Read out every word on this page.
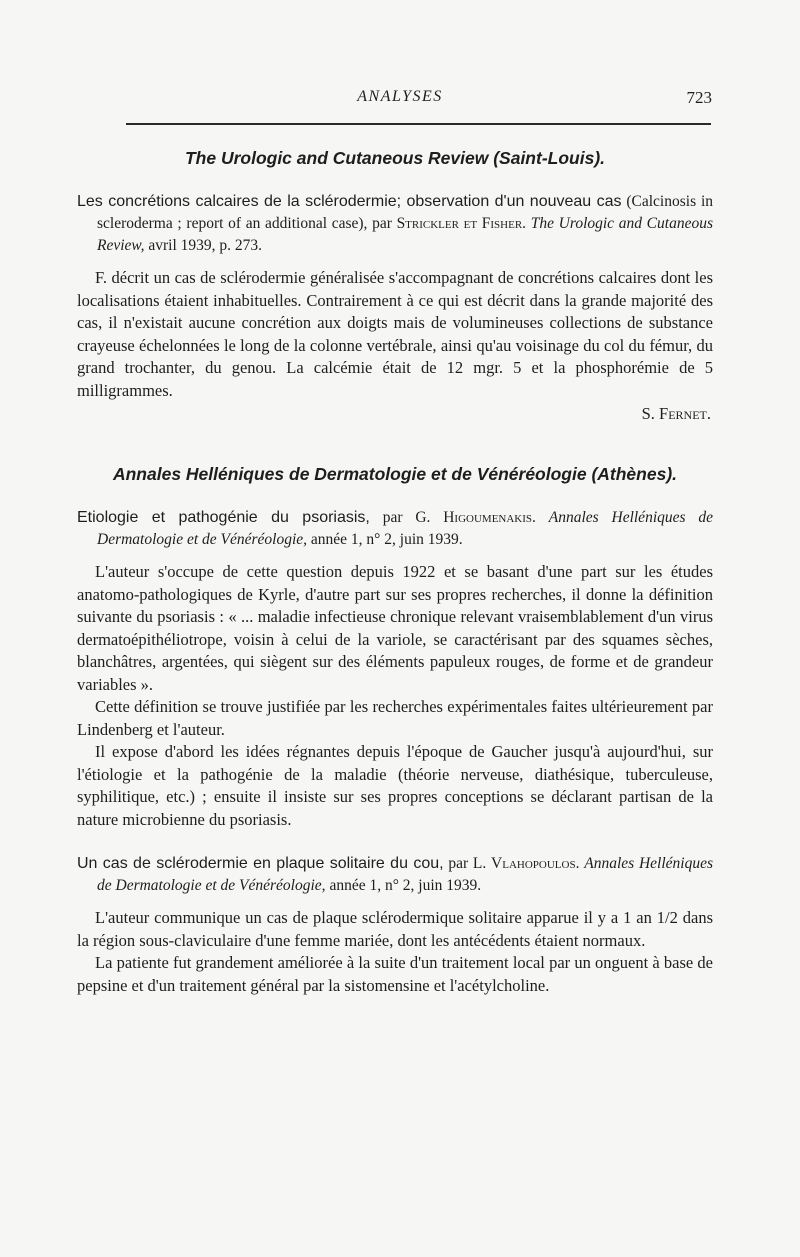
ANALYSES	723
The Urologic and Cutaneous Review (Saint-Louis).

Les concrétions calcaires de la sclérodermie; observation d'un nouveau cas (Calcinosis in scleroderma ; report of an additional case), par Strickler et Fisher. The Urologic and Cutaneous Review, avril 1939, p. 273.

F. décrit un cas de sclérodermie généralisée s'accompagnant de concrétions calcaires dont les localisations étaient inhabituelles. Contrairement à ce qui est décrit dans la grande majorité des cas, il n'existait aucune concrétion aux doigts mais de volumineuses collections de substance crayeuse échelonnées le long de la colonne vertébrale, ainsi qu'au voisinage du col du fémur, du grand trochanter, du genou. La calcémie était de 12 mgr. 5 et la phosphorémie de 5 milligrammes.

S. Fernet.

Annales Helléniques de Dermatologie et de Vénéréologie (Athènes).

Etiologie et pathogénie du psoriasis, par G. Higoumenakis. Annales Helléniques de Dermatologie et de Vénéréologie, année 1, n° 2, juin 1939.

L'auteur s'occupe de cette question depuis 1922 et se basant d'une part sur les études anatomo-pathologiques de Kyrle, d'autre part sur ses propres recherches, il donne la définition suivante du psoriasis : « ... maladie infectieuse chronique relevant vraisemblablement d'un virus dermatoépithéliotrope, voisin à celui de la variole, se caractérisant par des squames sèches, blanchâtres, argentées, qui siègent sur des éléments papuleux rouges, de forme et de grandeur variables ».

Cette définition se trouve justifiée par les recherches expérimentales faites ultérieurement par Lindenberg et l'auteur.

Il expose d'abord les idées régnantes depuis l'époque de Gaucher jusqu'à aujourd'hui, sur l'étiologie et la pathogénie de la maladie (théorie nerveuse, diathésique, tuberculeuse, syphilitique, etc.) ; ensuite il insiste sur ses propres conceptions se déclarant partisan de la nature microbienne du psoriasis.

Un cas de sclérodermie en plaque solitaire du cou, par L. Vlahopoulos. Annales Helléniques de Dermatologie et de Vénéréologie, année 1, n° 2, juin 1939.

L'auteur communique un cas de plaque sclérodermique solitaire apparue il y a 1 an 1/2 dans la région sous-claviculaire d'une femme mariée, dont les antécédents étaient normaux.

La patiente fut grandement améliorée à la suite d'un traitement local par un onguent à base de pepsine et d'un traitement général par la sistomensine et l'acétylcholine.
